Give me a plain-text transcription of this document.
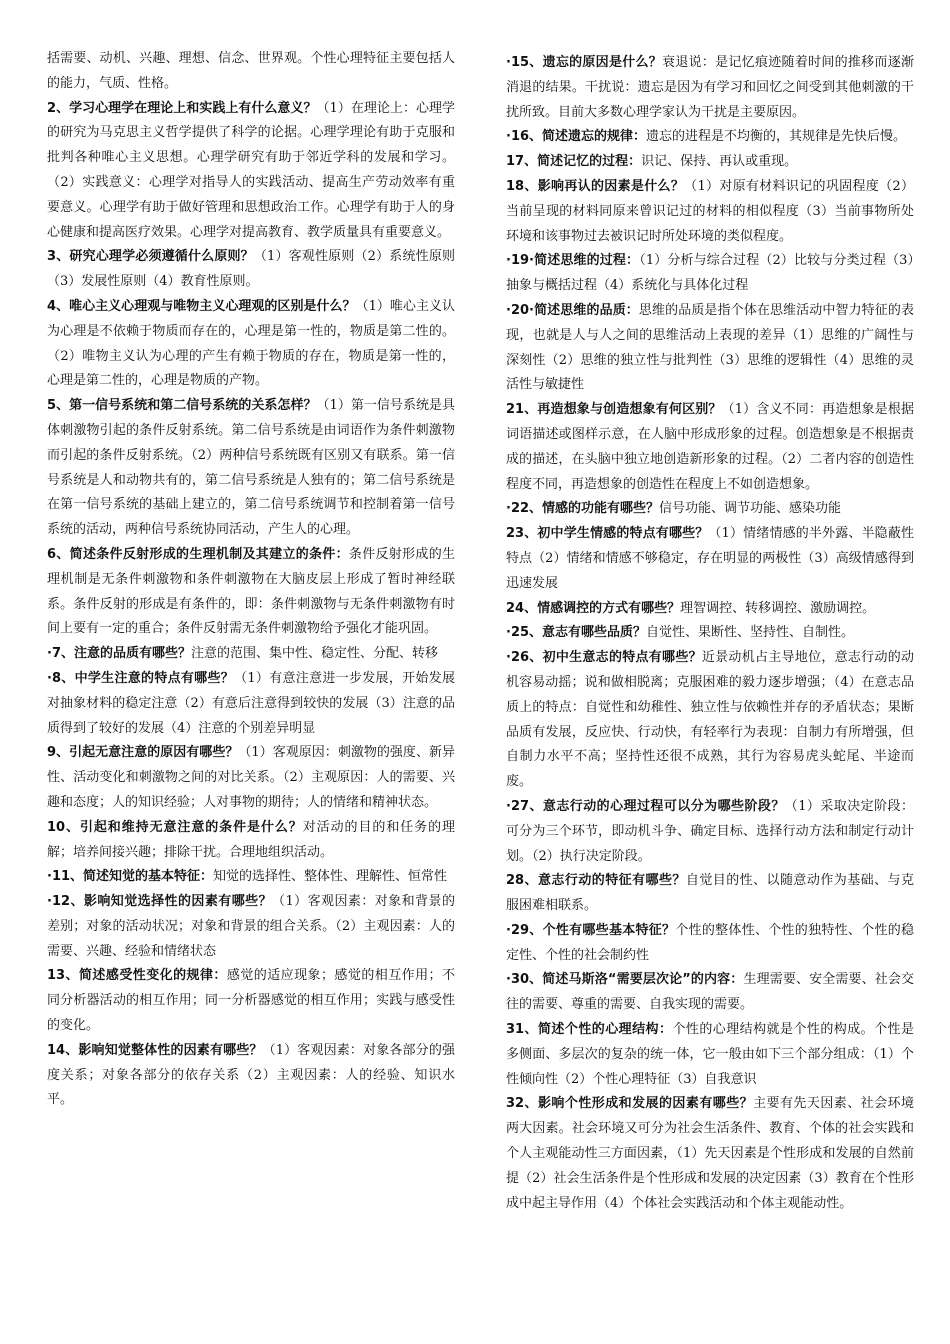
括需要、动机、兴趣、理想、信念、世界观。个性心理特征主要包括人的能力，气质、性格。

2、学习心理学在理论上和实践上有什么意义？（1）在理论上：心理学的研究为马克思主义哲学提供了科学的论据。心理学理论有助于克服和批判各种唯心主义思想。心理学研究有助于邻近学科的发展和学习。（2）实践意义：心理学对指导人的实践活动、提高生产劳动效率有重要意义。心理学有助于做好管理和思想政治工作。心理学有助于人的身心健康和提高医疗效果。心理学对提高教育、教学质量具有重要意义。

3、研究心理学必须遵循什么原则？（1）客观性原则（2）系统性原则（3）发展性原则（4）教育性原则。

4、唯心主义心理观与唯物主义心理观的区别是什么？（1）唯心主义认为心理是不依赖于物质而存在的，心理是第一性的，物质是第二性的。（2）唯物主义认为心理的产生有赖于物质的存在，物质是第一性的，心理是第二性的，心理是物质的产物。

5、第一信号系统和第二信号系统的关系怎样？（1）第一信号系统是具体刺激物引起的条件反射系统。第二信号系统是由词语作为条件刺激物而引起的条件反射系统。（2）两种信号系统既有区别又有联系。第一信号系统是人和动物共有的，第二信号系统是人独有的；第二信号系统是在第一信号系统的基础上建立的，第二信号系统调节和控制着第一信号系统的活动，两种信号系统协同活动，产生人的心理。

6、简述条件反射形成的生理机制及其建立的条件：条件反射形成的生理机制是无条件刺激物和条件刺激物在大脑皮层上形成了暂时神经联系。条件反射的形成是有条件的，即：条件刺激物与无条件刺激物有时间上要有一定的重合；条件反射需无条件刺激物给予强化才能巩固。

·7、注意的品质有哪些？注意的范围、集中性、稳定性、分配、转移

·8、中学生注意的特点有哪些？（1）有意注意进一步发展，开始发展对抽象材料的稳定注意（2）有意后注意得到较快的发展（3）注意的品质得到了较好的发展（4）注意的个别差异明显

9、引起无意注意的原因有哪些？（1）客观原因：刺激物的强度、新异性、活动变化和刺激物之间的对比关系。（2）主观原因：人的需要、兴趣和态度；人的知识经验；人对事物的期待；人的情绪和精神状态。

10、引起和维持无意注意的条件是什么？对活动的目的和任务的理解；培养间接兴趣；排除干扰。合理地组织活动。

·11、简述知觉的基本特征：知觉的选择性、整体性、理解性、恒常性

·12、影响知觉选择性的因素有哪些？（1）客观因素：对象和背景的差别；对象的活动状况；对象和背景的组合关系。（2）主观因素：人的需要、兴趣、经验和情绪状态

13、简述感受性变化的规律：感觉的适应现象；感觉的相互作用；不同分析器活动的相互作用；同一分析器感觉的相互作用；实践与感受性的变化。

14、影响知觉整体性的因素有哪些？（1）客观因素：对象各部分的强度关系；对象各部分的依存关系（2）主观因素：人的经验、知识水平。

·15、遗忘的原因是什么？衰退说：是记忆痕迹随着时间的推移而逐渐消退的结果。干扰说：遗忘是因为有学习和回忆之间受到其他刺激的干扰所致。目前大多数心理学家认为干扰是主要原因。

·16、简述遗忘的规律：遗忘的进程是不均衡的，其规律是先快后慢。

17、简述记忆的过程：识记、保持、再认或重现。

18、影响再认的因素是什么？（1）对原有材料识记的巩固程度（2）当前呈现的材料同原来曾识记过的材料的相似程度（3）当前事物所处环境和该事物过去被识记时所处环境的类似程度。

·19·简述思维的过程：（1）分析与综合过程（2）比较与分类过程（3）抽象与概括过程（4）系统化与具体化过程

·20·简述思维的品质：思维的品质是指个体在思维活动中智力特征的表现，也就是人与人之间的思维活动上表现的差异（1）思维的广阔性与深刻性（2）思维的独立性与批判性（3）思维的逻辑性（4）思维的灵活性与敏捷性

21、再造想象与创造想象有何区别？（1）含义不同：再造想象是根据词语描述或图样示意，在人脑中形成形象的过程。创造想象是不根据责成的描述，在头脑中独立地创造新形象的过程。（2）二者内容的创造性程度不同，再造想象的创造性在程度上不如创造想象。

·22、情感的功能有哪些？信号功能、调节功能、感染功能

23、初中学生情感的特点有哪些？（1）情绪情感的半外露、半隐蔽性特点（2）情绪和情感不够稳定，存在明显的两极性（3）高级情感得到迅速发展

24、情感调控的方式有哪些？理智调控、转移调控、激励调控。

·25、意志有哪些品质？自觉性、果断性、坚持性、自制性。

·26、初中生意志的特点有哪些？近景动机占主导地位，意志行动的动机容易动摇；说和做相脱离；克服困难的毅力逐步增强；（4）在意志品质上的特点：自觉性和幼稚性、独立性与依赖性并存的矛盾状态；果断品质有发展，反应快、行动快，有轻率行为表现：自制力有所增强，但自制力水平不高；坚持性还很不成熟，其行为容易虎头蛇尾、半途而废。

·27、意志行动的心理过程可以分为哪些阶段？（1）采取决定阶段：可分为三个环节，即动机斗争、确定目标、选择行动方法和制定行动计划。（2）执行决定阶段。

28、意志行动的特征有哪些？自觉目的性、以随意动作为基础、与克服困难相联系。

·29、个性有哪些基本特征？个性的整体性、个性的独特性、个性的稳定性、个性的社会制约性

·30、简述马斯洛“需要层次论”的内容：生理需要、安全需要、社会交往的需要、尊重的需要、自我实现的需要。

31、简述个性的心理结构：个性的心理结构就是个性的构成。个性是多侧面、多层次的复杂的统一体，它一般由如下三个部分组成：（1）个性倾向性（2）个性心理特征（3）自我意识

32、影响个性形成和发展的因素有哪些？主要有先天因素、社会环境两大因素。社会环境又可分为社会生活条件、教育、个体的社会实践和个人主观能动性三方面因素，（1）先天因素是个性形成和发展的自然前提（2）社会生活条件是个性形成和发展的决定因素（3）教育在个性形成中起主导作用（4）个体社会实践活动和个体主观能动性。
